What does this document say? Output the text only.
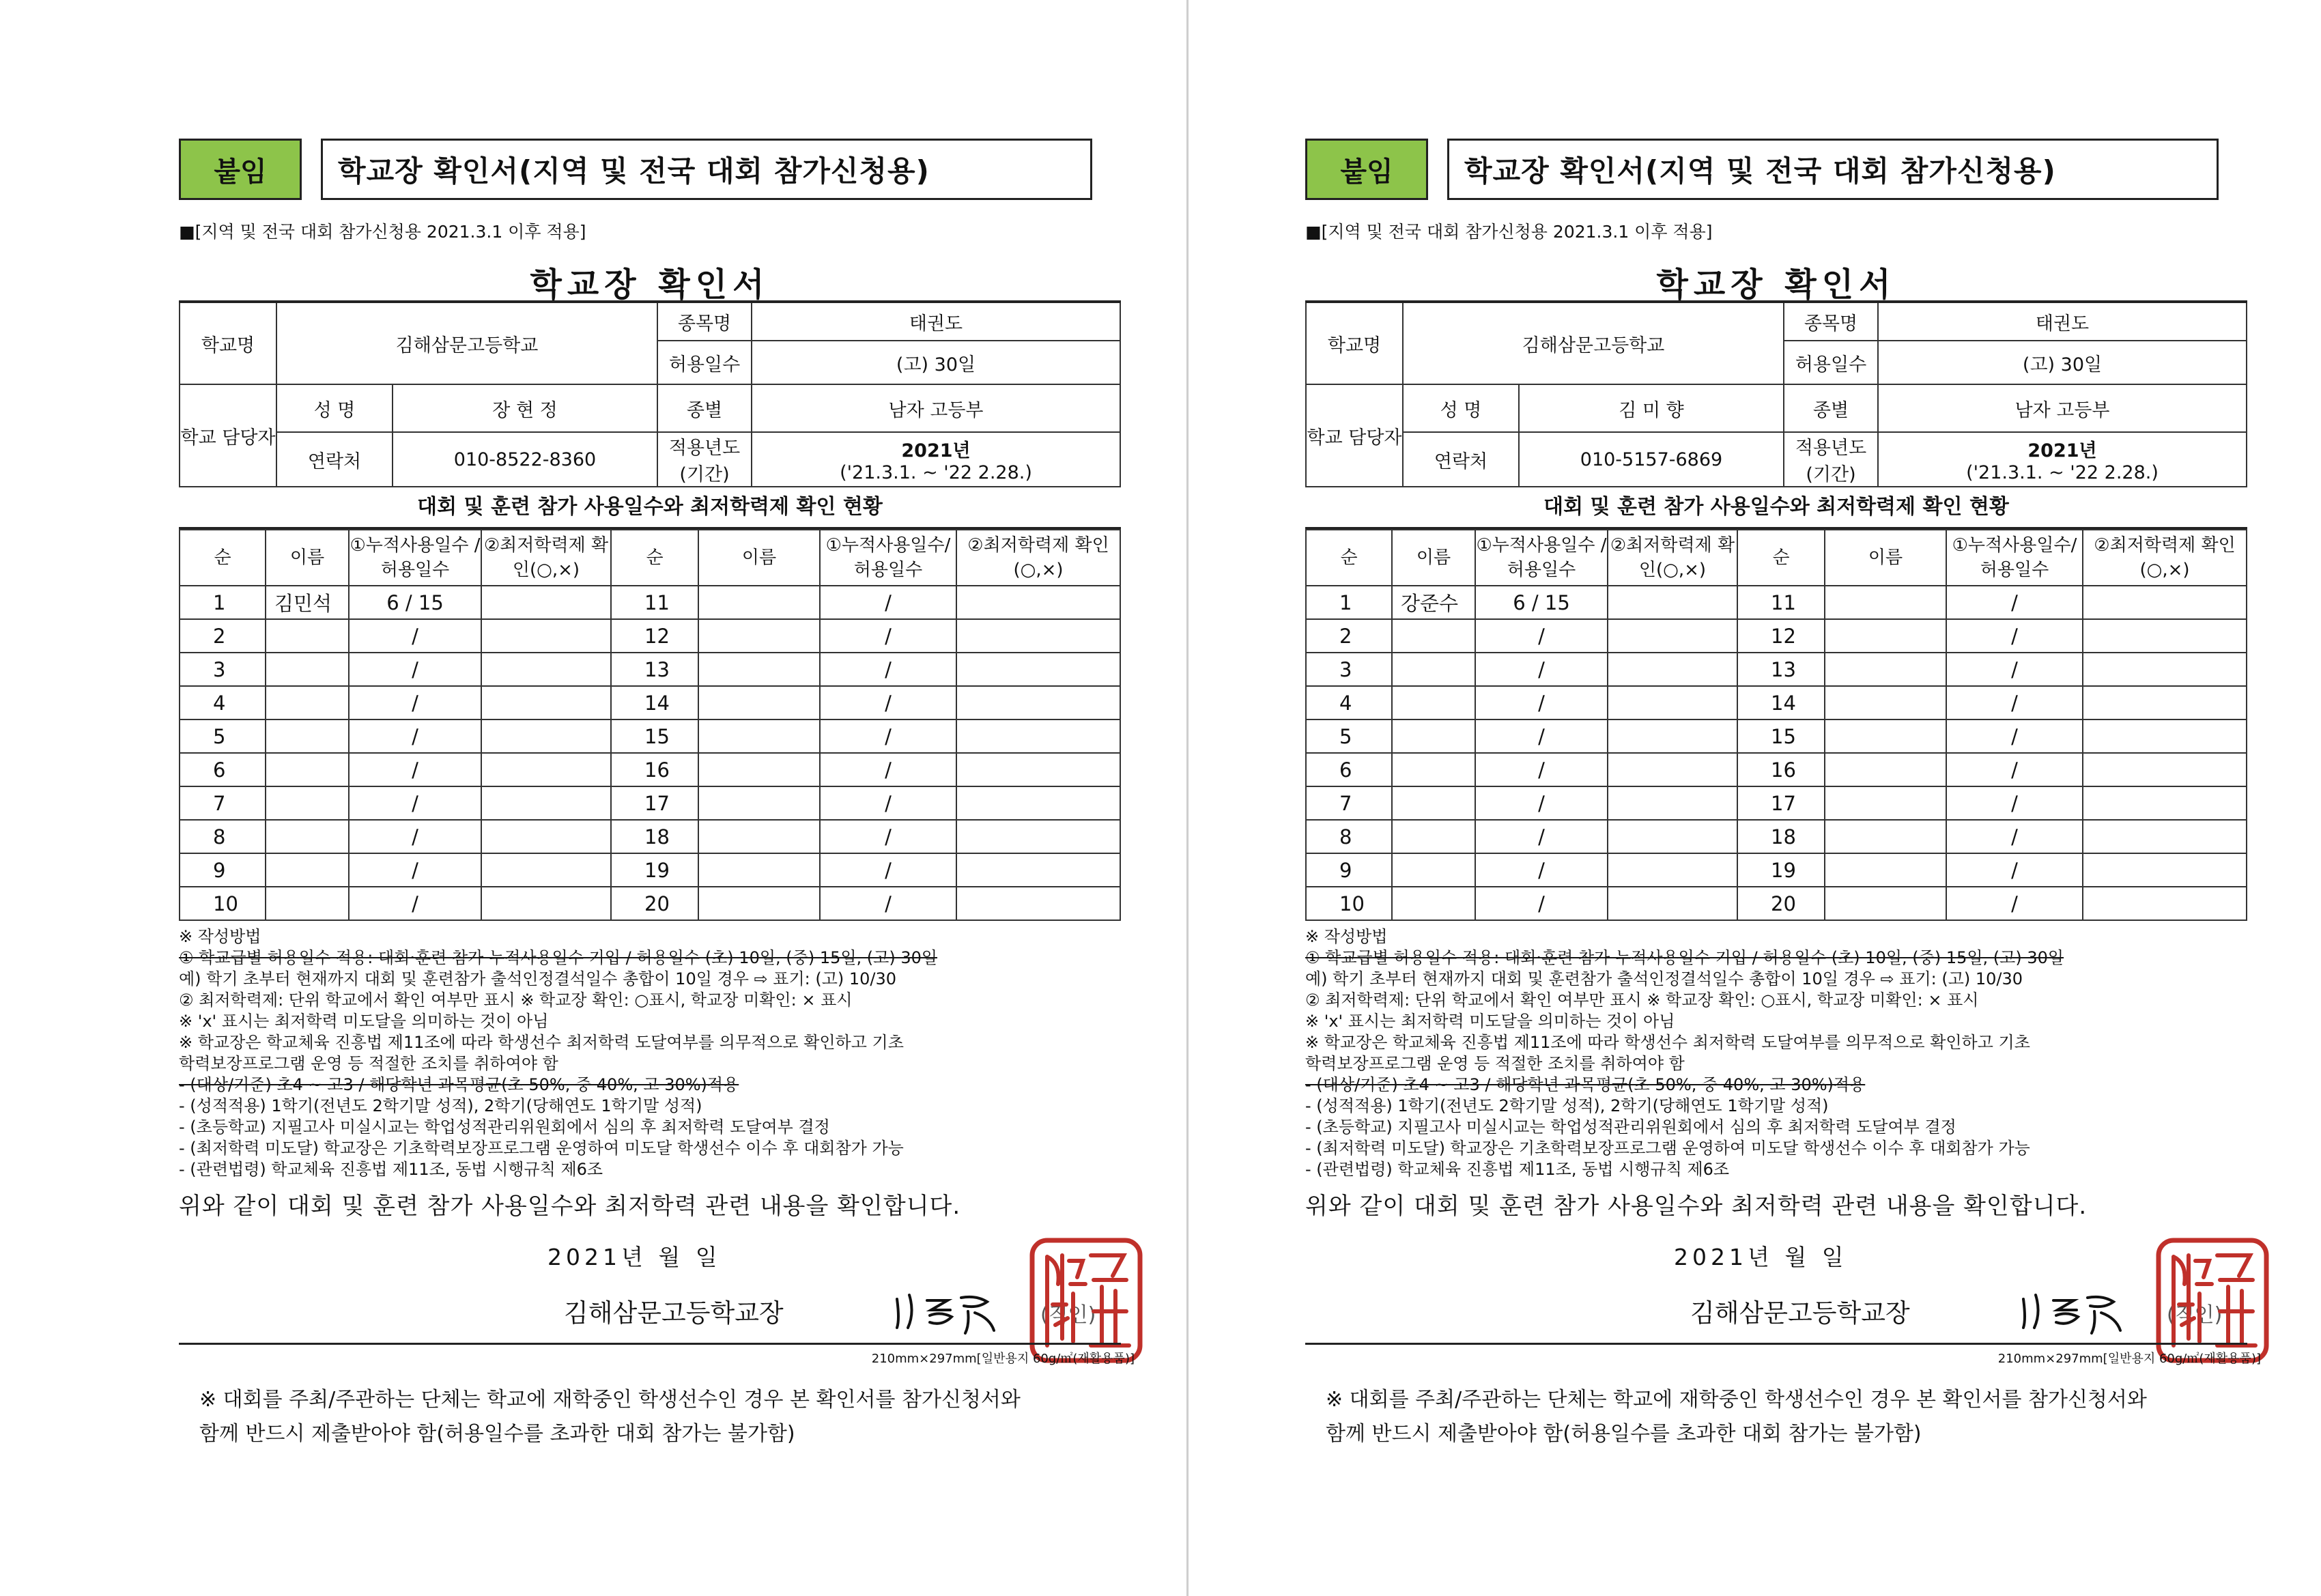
붙임	학교장 확인서(지역 및 전국 대회 참가신청용)
■[지역 및 전국 대회 참가신청용 2021.3.1 이후 적용]
학교장 확인서
학교명	김해삼문고등학교		종목명	태권도
			허용일수	(고) 30일
학교 담당자	성 명	장 현 정	종별	남자 고등부
	연락처	010-8522-8360	적용년도 (기간)	2021년
('21.3.1. ~ '22 2.28.)
대회 및 훈련 참가 사용일수와 최저학력제 확인 현황
순	이름	①누적사용일수 /허용일수	②최저학력제 확인(○,×)	순	이름	①누적사용일수/ 허용일수	②최저학력제 확인(○,×)
1	김민석	6 / 15		11		/	
2		/		12		/	
3		/		13		/	
4		/		14		/	
5		/		15		/	
6		/		16		/	
7		/		17		/	
8		/		18		/	
9		/		19		/	
10		/		20		/	
※ 작성방법
① 학교급별 허용일수 적용: 대회·훈련 참가 누적사용일수 기입 / 허용일수 (초) 10일, (중) 15일, (고) 30일
예) 학기 초부터 현재까지 대회 및 훈련참가 출석인정결석일수 총합이 10일 경우 ⇨ 표기: (고) 10/30
② 최저학력제: 단위 학교에서 확인 여부만 표시 ※ 학교장 확인: ○표시, 학교장 미확인: × 표시
※ 'x' 표시는 최저학력 미도달을 의미하는 것이 아님
※ 학교장은 학교체육 진흥법 제11조에 따라 학생선수 최저학력 도달여부를 의무적으로 확인하고 기초
학력보장프로그램 운영 등 적절한 조치를 취하여야 함
- (대상/기준) 초4 ~ 고3 / 해당학년 과목평균(초 50%, 중 40%, 고 30%)적용
- (성적적용) 1학기(전년도 2학기말 성적), 2학기(당해연도 1학기말 성적)
- (초등학교) 지필고사 미실시교는 학업성적관리위원회에서 심의 후 최저학력 도달여부 결정
- (최저학력 미도달) 학교장은 기초학력보장프로그램 운영하여 미도달 학생선수 이수 후 대회참가 가능
- (관련법령) 학교체육 진흥법 제11조, 동법 시행규칙 제6조
위와 같이 대회 및 훈련 참가 사용일수와 최저학력 관련 내용을 확인합니다.
2021년 월 일
김해삼문고등학교장	(직인)
210mm×297mm[일반용지 60g/㎡(재활용품)]
※ 대회를 주최/주관하는 단체는 학교에 재학중인 학생선수인 경우 본 확인서를 참가신청서와
함께 반드시 제출받아야 함(허용일수를 초과한 대회 참가는 불가함)
붙임	학교장 확인서(지역 및 전국 대회 참가신청용)
■[지역 및 전국 대회 참가신청용 2021.3.1 이후 적용]
학교장 확인서
학교명	김해삼문고등학교		종목명	태권도
			허용일수	(고) 30일
학교 담당자	성 명	김 미 향	종별	남자 고등부
	연락처	010-5157-6869	적용년도 (기간)	2021년
('21.3.1. ~ '22 2.28.)
대회 및 훈련 참가 사용일수와 최저학력제 확인 현황
순	이름	①누적사용일수 /허용일수	②최저학력제 확인(○,×)	순	이름	①누적사용일수/ 허용일수	②최저학력제 확인(○,×)
1	강준수	6 / 15		11		/	
2		/		12		/	
3		/		13		/	
4		/		14		/	
5		/		15		/	
6		/		16		/	
7		/		17		/	
8		/		18		/	
9		/		19		/	
10		/		20		/	
※ 작성방법
① 학교급별 허용일수 적용: 대회·훈련 참가 누적사용일수 기입 / 허용일수 (초) 10일, (중) 15일, (고) 30일
예) 학기 초부터 현재까지 대회 및 훈련참가 출석인정결석일수 총합이 10일 경우 ⇨ 표기: (고) 10/30
② 최저학력제: 단위 학교에서 확인 여부만 표시 ※ 학교장 확인: ○표시, 학교장 미확인: × 표시
※ 'x' 표시는 최저학력 미도달을 의미하는 것이 아님
※ 학교장은 학교체육 진흥법 제11조에 따라 학생선수 최저학력 도달여부를 의무적으로 확인하고 기초
학력보장프로그램 운영 등 적절한 조치를 취하여야 함
- (대상/기준) 초4 ~ 고3 / 해당학년 과목평균(초 50%, 중 40%, 고 30%)적용
- (성적적용) 1학기(전년도 2학기말 성적), 2학기(당해연도 1학기말 성적)
- (초등학교) 지필고사 미실시교는 학업성적관리위원회에서 심의 후 최저학력 도달여부 결정
- (최저학력 미도달) 학교장은 기초학력보장프로그램 운영하여 미도달 학생선수 이수 후 대회참가 가능
- (관련법령) 학교체육 진흥법 제11조, 동법 시행규칙 제6조
위와 같이 대회 및 훈련 참가 사용일수와 최저학력 관련 내용을 확인합니다.
2021년 월 일
김해삼문고등학교장	(직인)
210mm×297mm[일반용지 60g/㎡(재활용품)]
※ 대회를 주최/주관하는 단체는 학교에 재학중인 학생선수인 경우 본 확인서를 참가신청서와
함께 반드시 제출받아야 함(허용일수를 초과한 대회 참가는 불가함)
